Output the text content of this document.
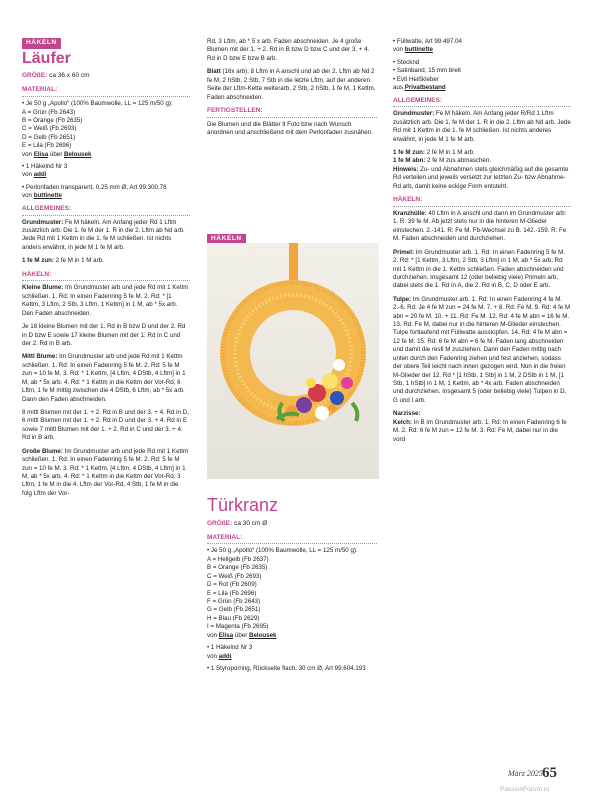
HÄKELN
Läufer
GRÖßE: ca 36 x 60 cm
MATERIAL:
• Je 50 g „Apollo“ (100% Baumwolle, LL = 125 m/50 g):
A = Grün (Fb 2643)
B = Orange (Fb 2635)
C = Weiß (Fb 2693)
D = Gelb (Fb 2651)
E = Lila (Fb 2696)
von Elisa über Belousek
• 1 Häkelnd Nr 3
von addi
• Perlonfaden transparent, 0,25 mm Ø, Art 99.300.78
von buttinette
ALLGEMEINES:

Grundmuster: Fe M häkeln. Am Anfang jeder Rd 1 Lftm zusätzlich arb. Die 1. fe M der 1. R in die 2. Lftm ab Nd arb. Jede Rd mit 1 Kettm in die 1. fe M schließen. Ist nichts anders erwähnt, in jede M 1 fe M arb.

1 fe M zun: 2 fe M in 1 M arb.

HÄKELN:

Kleine Blume: Im Grundmuster arb und jede Rd mit 1 Kettm schließen. 1. Rd: In einen Fadenring 5 fe M. 2. Rd: * [1 Kettm, 3 Lftm, 2 Stb, 3 Lftm, 1 Kettm] in 1 M, ab * 5x arb. Den Faden abschneiden.

Je 18 kleine Blumen mit der 1. Rd in B bzw D und der 2. Rd in D bzw E sowie 17 kleine Blumen mit der 1. Rd in C und der 2. Rd in B arb.

Mittl Blume: Im Grundmuster arb und jede Rd mit 1 Kettm schließen. 1. Rd: In einen Fadenring 5 fe M. 2. Rd: 5 fe M zun = 10 fe M. 3. Rd: * 1 Kettm, [4 Lftm, 4 DStb, 4 Lftm] in 1 M, ab * 5x arb. 4. Rd: * 1 Kettm in die Kettm der Vor-Rd, 6 Lftm, 1 fe M mittig zwischen die 4 DStb, 6 Lftm, ab * 5x arb. Dann den Faden abschneiden.

8 mittl Blumen mit der 1. + 2. Rd in B und der 3. + 4. Rd in D, 6 mittl Blumen mit der 1. + 2. Rd in D und der 3. + 4. Rd in E sowie 7 mittl Blumen mit der 1. + 2. Rd in C und der 3. + 4. Rd in B arb.

Große Blume: Im Grundmuster arb und jede Rd mit 1 Kettm schließen. 1. Rd: In einen Fadenring 5 fe M. 2. Rd: 5 fe M zun = 10 fe M. 3. Rd: * 1 Kettm, [4 Lftm, 4 DStb, 4 Lftm] in 1 M, ab * 5x arb. 4. Rd: * 1 Kettm in die Kettm der Vor-Rd, 3 Lftm, 1 fe M in die 4. Lftm der Vor-Rd, 4 Stb, 1 fe M in die folg Lftm der Vor-

Rd, 3 Lftm, ab * 5 x arb. Faden abschneiden. Je 4 große Blumen mit der 1. + 2. Rd in B bzw D bzw C und der 3. + 4. Rd in D bzw E bzw B arb.

Blatt (16x arb): 8 Lftm in A anschl und ab der 2. Lftm ab Nd 2 fe M, 2 hStb, 2 Stb, 7 Stb in die letzte Lftm, auf der anderen Seite der Lftm-Kette weiterarb, 2 Stb, 2 hStb, 1 fe M, 1 Kettm. Faden abschneiden.

FERTIGSTELLEN:

Die Blumen und die Blätter lt Foto bzw nach Wunsch anordnen und anschließend mit dem Perlonfaden zusnähen.

Türkranz
GRÖßE: ca 30 cm Ø
MATERIAL:
• Je 50 g „Apollo“ (100% Baumwolle, LL = 125 m/50 g):
A = Hellgelb (Fb 2637)
B = Orange (Fb 2635)
C = Weiß (Fb 2693)
D = Rot (Fb 2609)
E = Lila (Fb 2696)
F = Grün (Fb 2643)
G = Gelb (Fb 2651)
H = Blau (Fb 2629)
I = Magenta (Fb 2695)
von Elisa über Belousek
• 1 Häkelnd Nr 3
von addi
• 1 Styroporring, Rückseite flach, 30 cm Ø, Art 99.604.193
HÄKELN
• Füllwatte, Art 99.497.04
von buttinette
• Stecknd
• Satinband, 15 mm breit
• Evtl Heißkleber
aus Privatbestand
ALLGEMEINES:

Grundmuster: Fe M häkeln. Am Anfang jeder R/Rd 1 Lftm zusätzlich arb. Die 1. fe M der 1. R in die 2. Lftm ab Nd arb. Jede Rd mit 1 Kettm in die 1. fe M schließen. Ist nichts anderes erwähnt, in jede M 1 fe M arb.

1 fe M zun: 2 fe M in 1 M arb.

1 fe M abn: 2 fe M zus abmaschen.

Hinweis: Zu- und Abnahmen stets gleichmäßig auf die gesamte Rd verteilen und jeweils versetzt zur letzten Zu- bzw Abnahme-Rd arb, damit keine eckige Form entsteht.

HÄKELN:

Kranzhülle: 40 Lftm in A anschl und dann im Grundmuster arb: 1. R: 39 fe M. Ab jetzt stets nur in die hinteren M-Glieder einstechen. 2.-141. R: Fe M. Fb-Wechsel zu B. 142.-159. R: Fe M. Faden abschneiden und durchziehen.

Primel: Im Grundmuster arb. 1. Rd: In einen Fadenring 5 fe M. 2. Rd: * [1 Kettm, 3 Lftm, 2 Stb, 3 Lftm] in 1 M, ab * 5x arb, Rd mit 1 Kettm in die 1. Kettm schließen. Faden abschneiden und durchziehen. Insgesamt 12 (oder beliebig viele) Primeln arb, dabei stets die 1. Rd in A, die 2. Rd in B, C, D oder E arb.

Tulpe: Im Grundmuster arb. 1. Rd: In einen Fadenring 4 fe M. 2.-6. Rd: Je 4 fe M zun = 24 fe M. 7. + 8. Rd: Fe M. 9. Rd: 4 fe M abn = 20 fe M. 10. + 11. Rd: Fe M. 12. Rd: 4 fe M abn = 16 fe M. 13. Rd: Fe M, dabei nur in die hinteren M-Glieder einstechen. Tulpe fortlaufend mit Füllwatte ausstopfen. 14. Rd: 4 fe M abn = 12 fe M. 15. Rd: 6 fe M abn = 6 fe M. Faden lang abschneiden und damit die restl M zusziehen. Dann den Faden mittig nach unten durch den Fadenring ziehen und fest anziehen, sodass der obere Teil leicht nach innen gezogen wird. Nun in die freien M-Glieder der 12. Rd * [1 hStb, 1 Stb] in 1 M, 2 DStb in 1 M, [1 Stb, 1 hStb] in 1 M, 1 Kettm, ab * 4x arb. Faden abschneiden und durchziehen. Insgesamt 5 (oder beliebig viele) Tulpen in D, G und I arb.

Narzisse:

Kelch: In B im Grundmuster arb. 1. Rd: In einen Fadenring 6 fe M. 2. Rd: 6 fe M zun = 12 fe M. 3. Rd: Fe M, dabei nur in die vord

März 2025 65
PassionForum.ru
